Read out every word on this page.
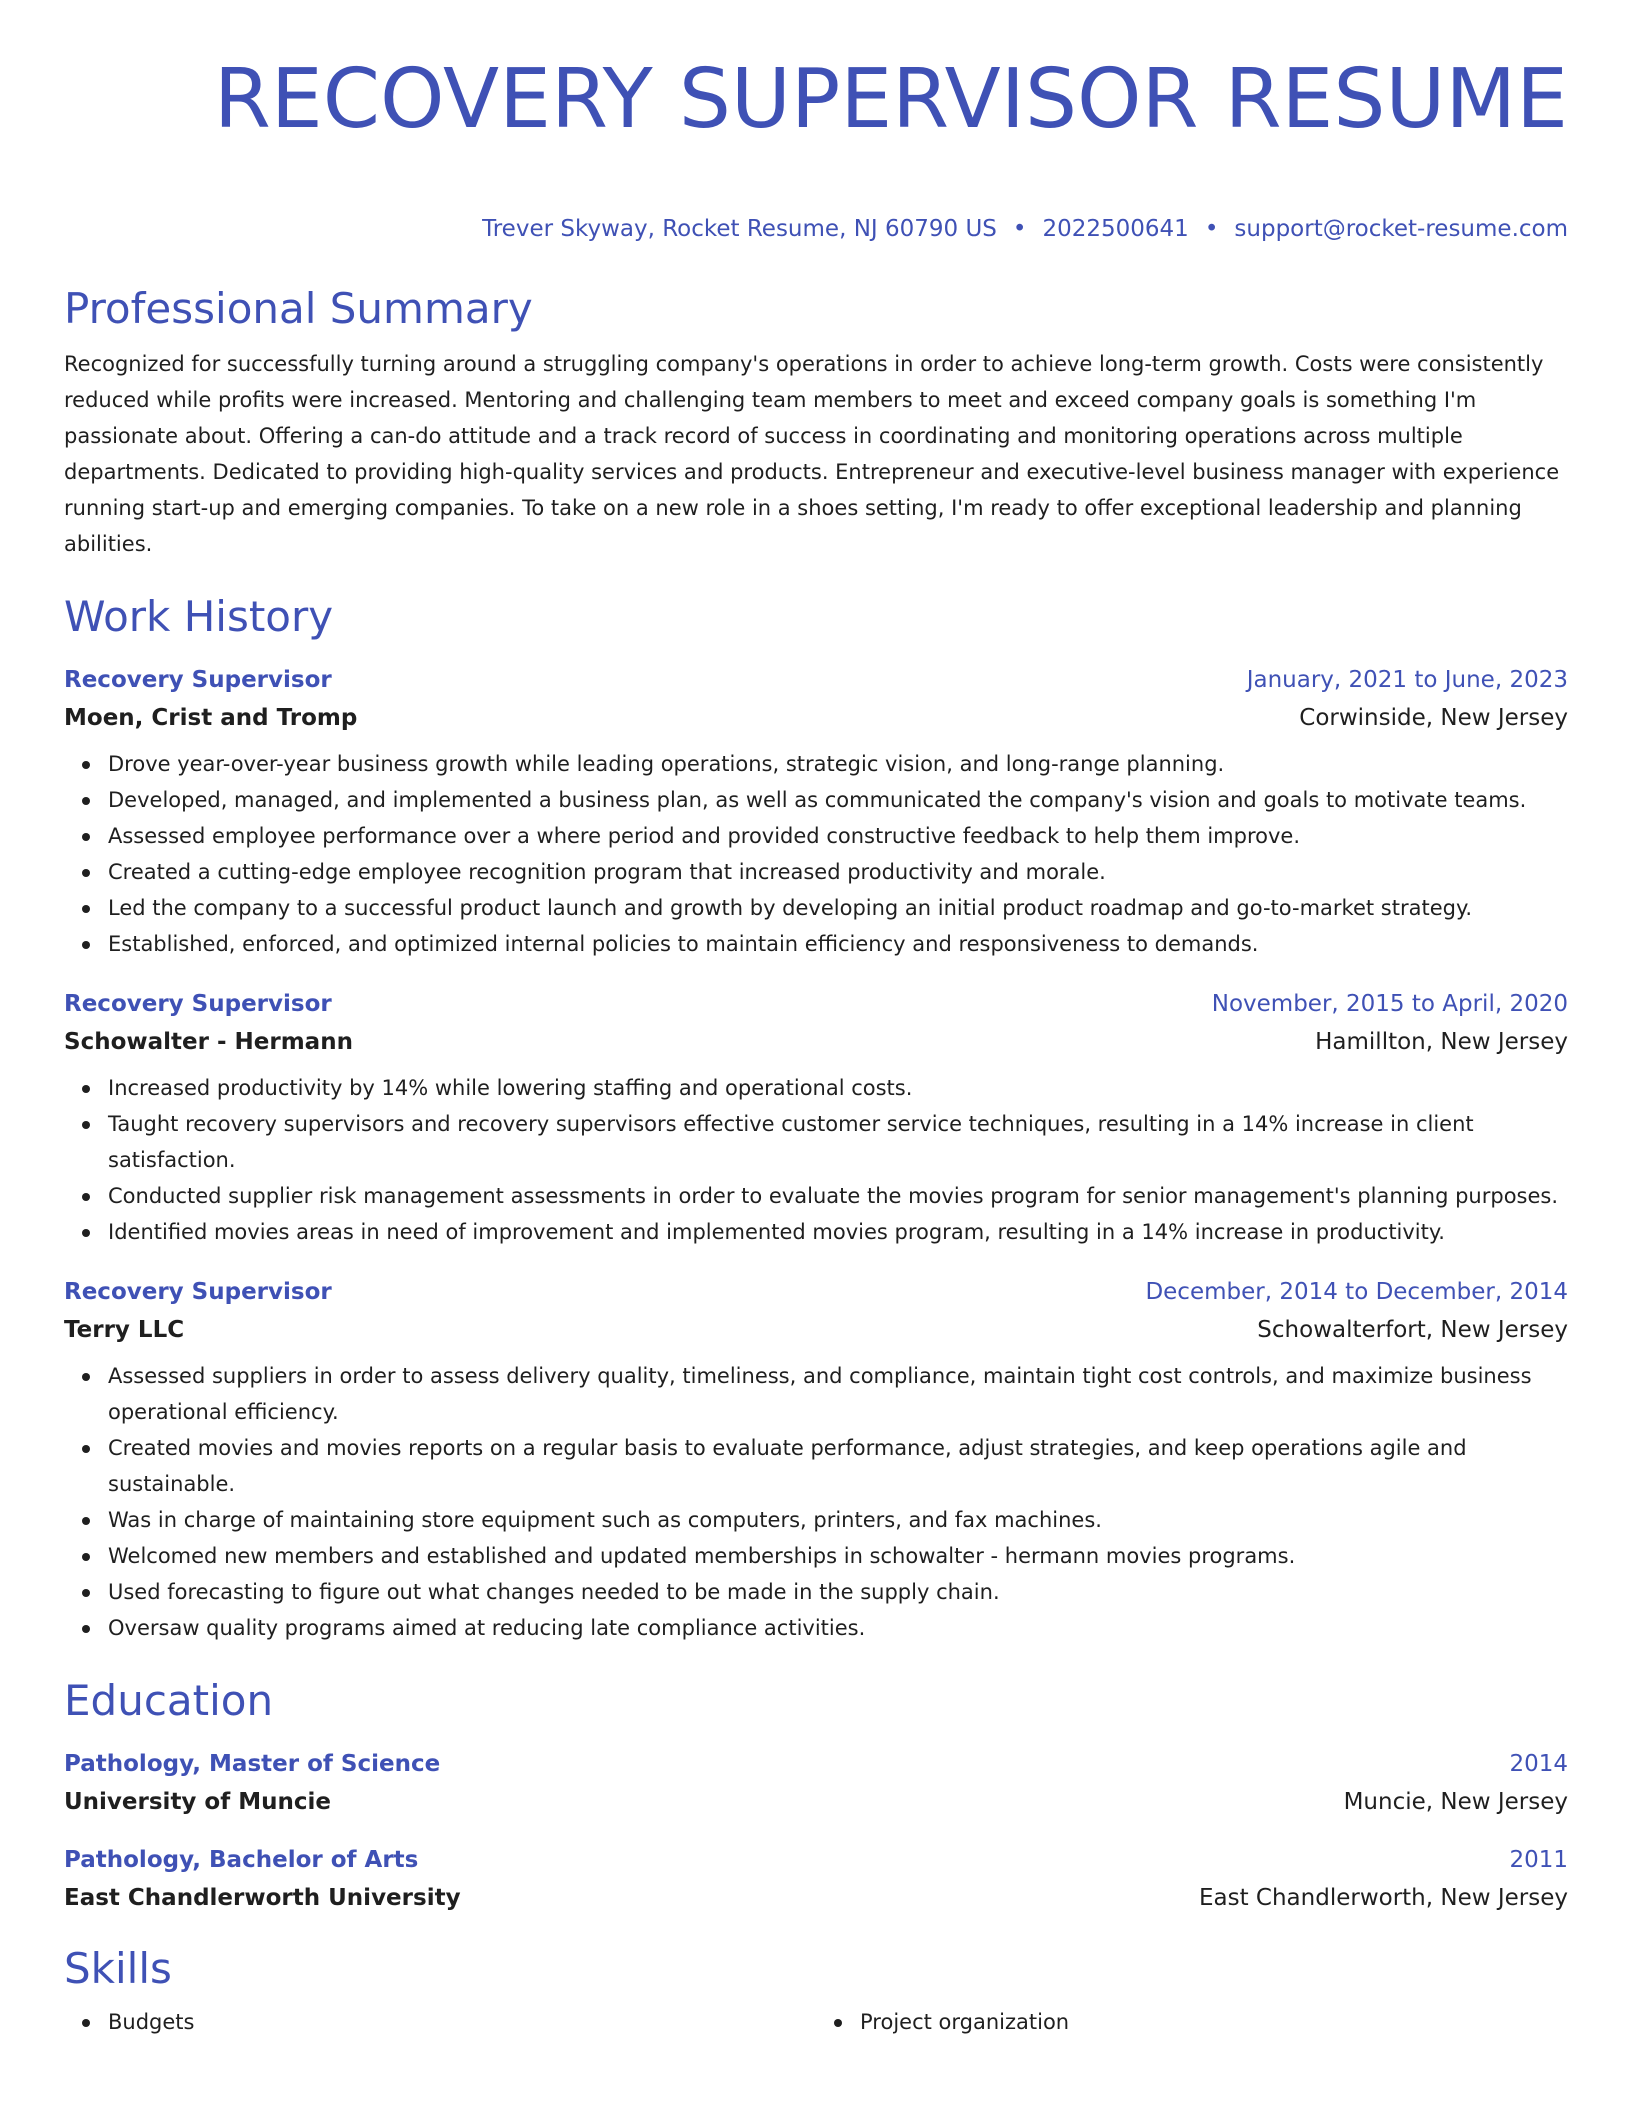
RECOVERY SUPERVISOR RESUME
Trever Skyway, Rocket Resume, NJ 60790 US • 2022500641 • support@rocket-resume.com
Professional Summary

Recognized for successfully turning around a struggling company's operations in order to achieve long-term growth. Costs were consistently reduced while profits were increased. Mentoring and challenging team members to meet and exceed company goals is something I'm passionate about. Offering a can-do attitude and a track record of success in coordinating and monitoring operations across multiple departments. Dedicated to providing high-quality services and products. Entrepreneur and executive-level business manager with experience running start-up and emerging companies. To take on a new role in a shoes setting, I'm ready to offer exceptional leadership and planning abilities.

Work History
Recovery Supervisor	January, 2021 to June, 2023
Moen, Crist and Tromp	Corwinside, New Jersey
Drove year-over-year business growth while leading operations, strategic vision, and long-range planning.
Developed, managed, and implemented a business plan, as well as communicated the company's vision and goals to motivate teams.
Assessed employee performance over a where period and provided constructive feedback to help them improve.
Created a cutting-edge employee recognition program that increased productivity and morale.
Led the company to a successful product launch and growth by developing an initial product roadmap and go-to-market strategy.
Established, enforced, and optimized internal policies to maintain efficiency and responsiveness to demands.
Recovery Supervisor	November, 2015 to April, 2020
Schowalter - Hermann	Hamillton, New Jersey
Increased productivity by 14% while lowering staffing and operational costs.
Taught recovery supervisors and recovery supervisors effective customer service techniques, resulting in a 14% increase in client satisfaction.
Conducted supplier risk management assessments in order to evaluate the movies program for senior management's planning purposes.
Identified movies areas in need of improvement and implemented movies program, resulting in a 14% increase in productivity.
Recovery Supervisor	December, 2014 to December, 2014
Terry LLC	Schowalterfort, New Jersey
Assessed suppliers in order to assess delivery quality, timeliness, and compliance, maintain tight cost controls, and maximize business operational efficiency.
Created movies and movies reports on a regular basis to evaluate performance, adjust strategies, and keep operations agile and sustainable.
Was in charge of maintaining store equipment such as computers, printers, and fax machines.
Welcomed new members and established and updated memberships in schowalter - hermann movies programs.
Used forecasting to figure out what changes needed to be made in the supply chain.
Oversaw quality programs aimed at reducing late compliance activities.
Education
Pathology, Master of Science	2014
University of Muncie	Muncie, New Jersey
Pathology, Bachelor of Arts	2011
East Chandlerworth University	East Chandlerworth, New Jersey
Skills
Budgets	Project organization
